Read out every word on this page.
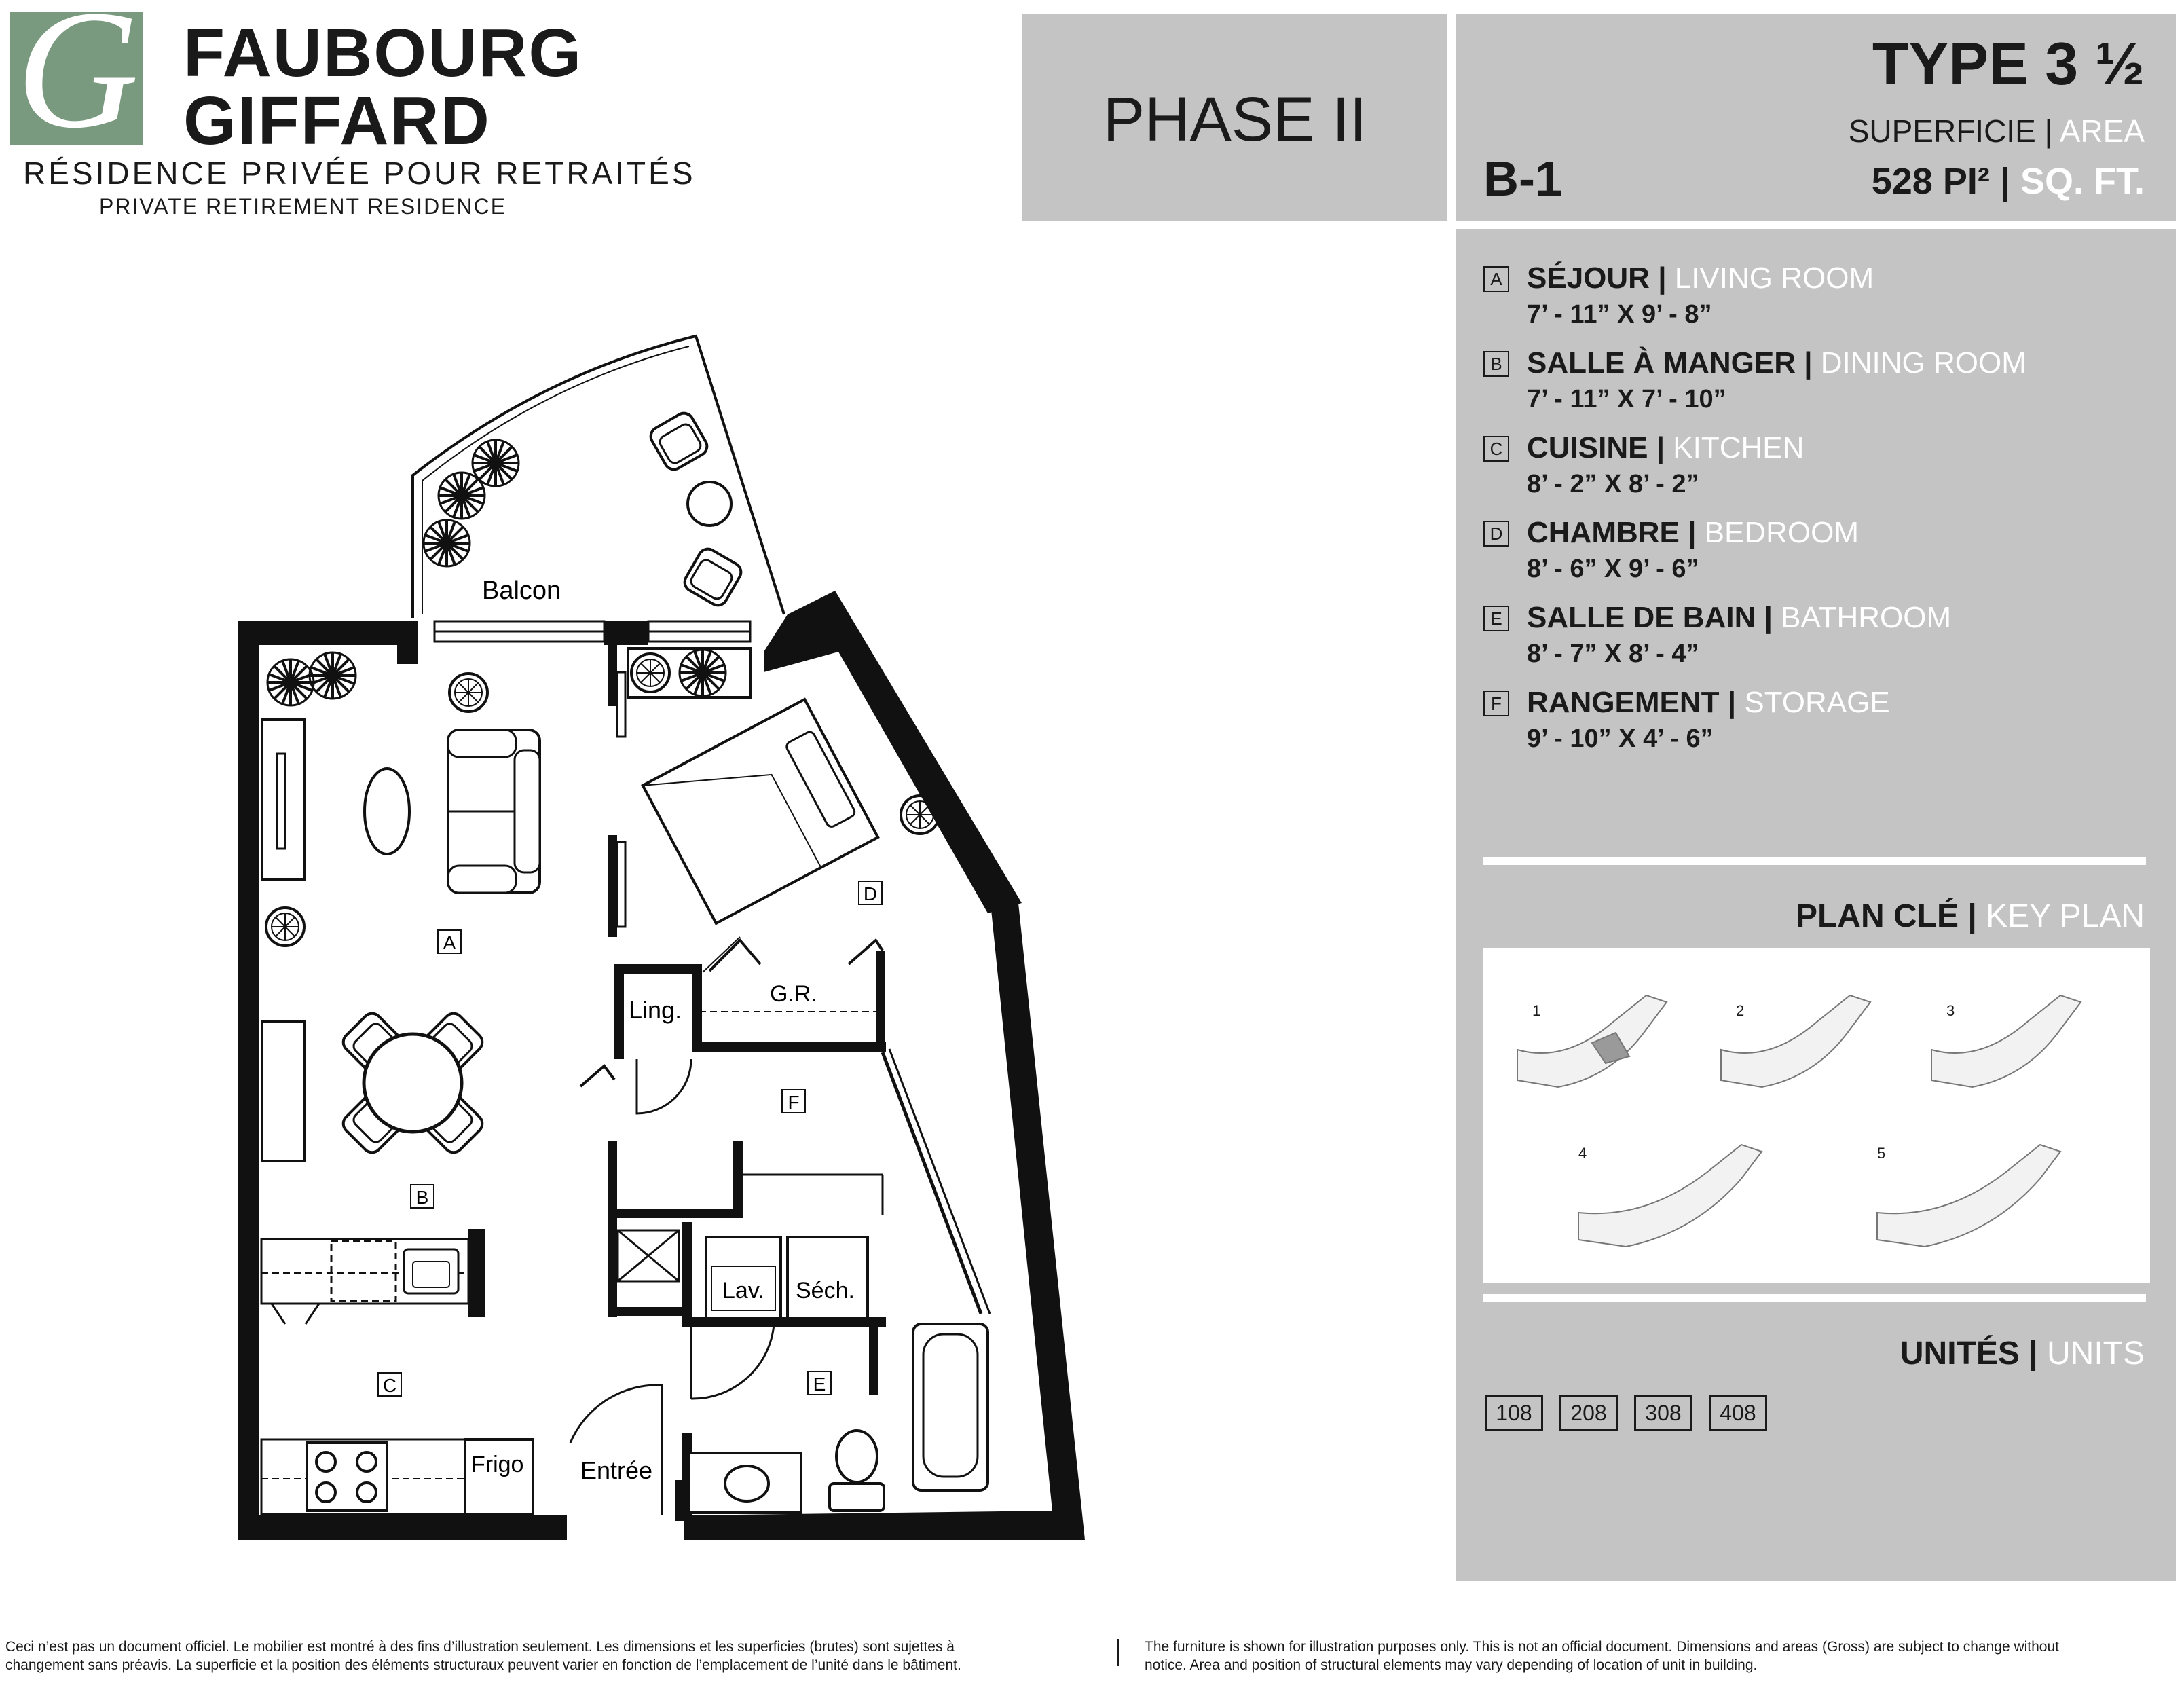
G FAUBOURG
GIFFARD
RÉSIDENCE PRIVÉE POUR RETRAITÉS
PRIVATE RETIREMENT RESIDENCE
PHASE II
TYPE 3 ½
SUPERFICIE | AREA
528 PI² | SQ. FT.
B-1
A SÉJOUR | LIVING ROOM
7’ - 11” X 9’ - 8”
B SALLE À MANGER | DINING ROOM
7’ - 11” X 7’ - 10”
C CUISINE | KITCHEN
8’ - 2” X 8’ - 2”
D CHAMBRE | BEDROOM
8’ - 6” X 9’ - 6”
E SALLE DE BAIN | BATHROOM
8’ - 7” X 8’ - 4”
F RANGEMENT | STORAGE
9’ - 10” X 4’ - 6”
PLAN CLÉ | KEY PLAN
1	2	3
4	5
UNITÉS | UNITS
108	208	308	408
Balcon
Frigo
G.R.
Ling.
Lav. Séch.
Entrée
A
B
C
D
E
F
Ceci n’est pas un document officiel. Le mobilier est montré à des fins d’illustration seulement. Les dimensions et les superficies (brutes) sont sujettes à
changement sans préavis. La superficie et la position des éléments structuraux peuvent varier en fonction de l’emplacement de l’unité dans le bâtiment.
The furniture is shown for illustration purposes only. This is not an official document. Dimensions and areas (Gross) are subject to change without
notice. Area and position of structural elements may vary depending of location of unit in building.
